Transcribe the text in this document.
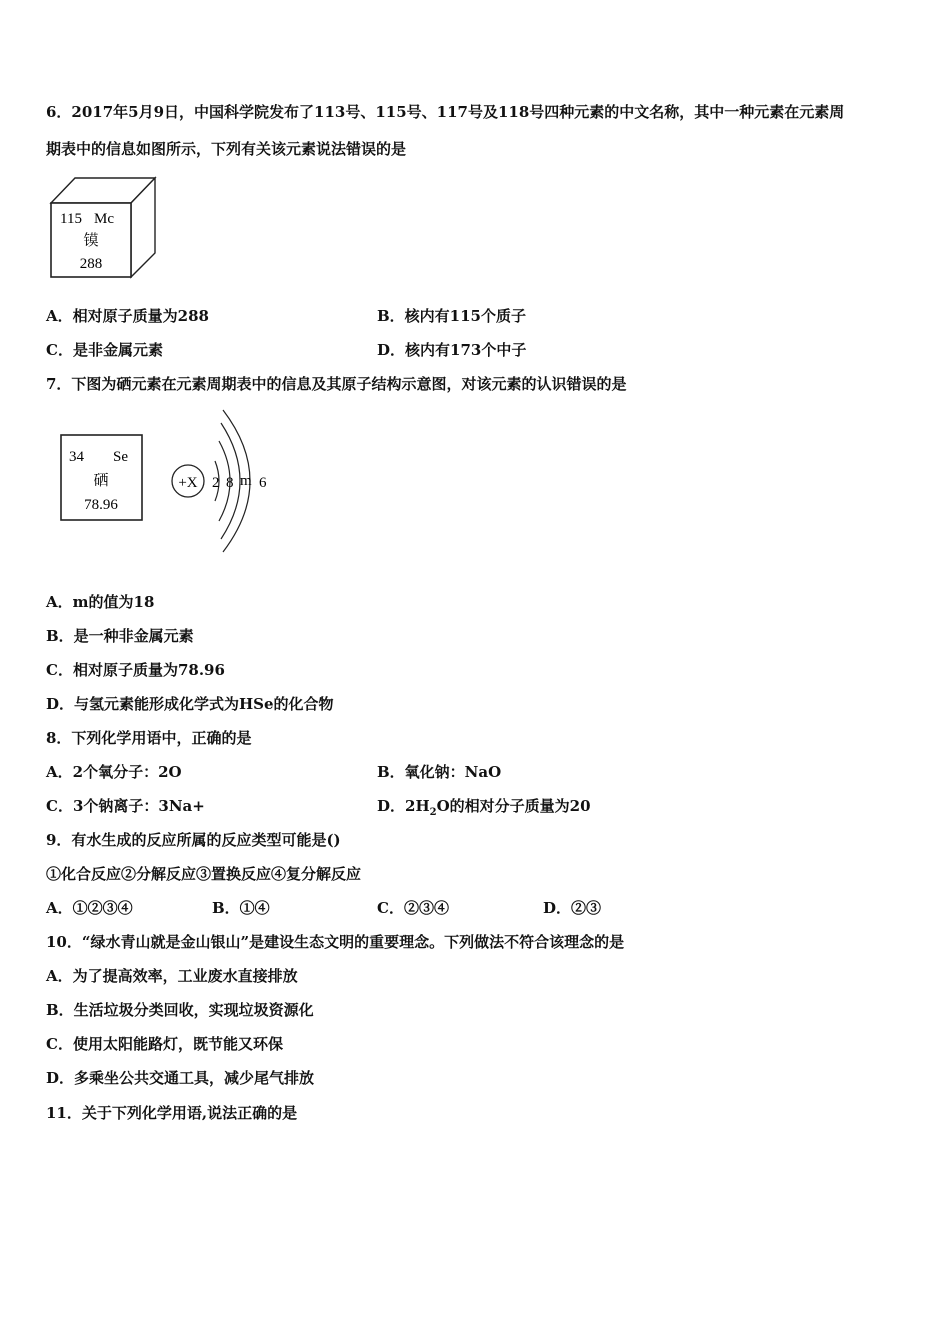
6．2017年5月9日，中国科学院发布了113号、115号、117号及118号四种元素的中文名称，其中一种元素在元素周
期表中的信息如图所示，下列有关该元素说法错误的是
115 Mc
镆
288
A．相对原子质量为288	B．核内有115个质子
C．是非金属元素	D．核内有173个中子
7．下图为硒元素在元素周期表中的信息及其原子结构示意图，对该元素的认识错误的是
34 Se
硒
78.96
+X 2 8 m 6
A．m的值为18
B．是一种非金属元素
C．相对原子质量为78.96
D．与氢元素能形成化学式为HSe的化合物
8．下列化学用语中，正确的是
A．2个氧分子：2O	B．氧化钠：NaO
C．3个钠离子：3Na+	D．$2H_2O$的相对分子质量为20
9．有水生成的反应所属的反应类型可能是()
①化合反应②分解反应③置换反应④复分解反应
A．①②③④	B．①④	C．②③④	D．②③
10．“绿水青山就是金山银山”是建设生态文明的重要理念。下列做法不符合该理念的是
A．为了提高效率，工业废水直接排放
B．生活垃圾分类回收，实现垃圾资源化
C．使用太阳能路灯，既节能又环保
D．多乘坐公共交通工具，减少尾气排放
11．关于下列化学用语,说法正确的是
